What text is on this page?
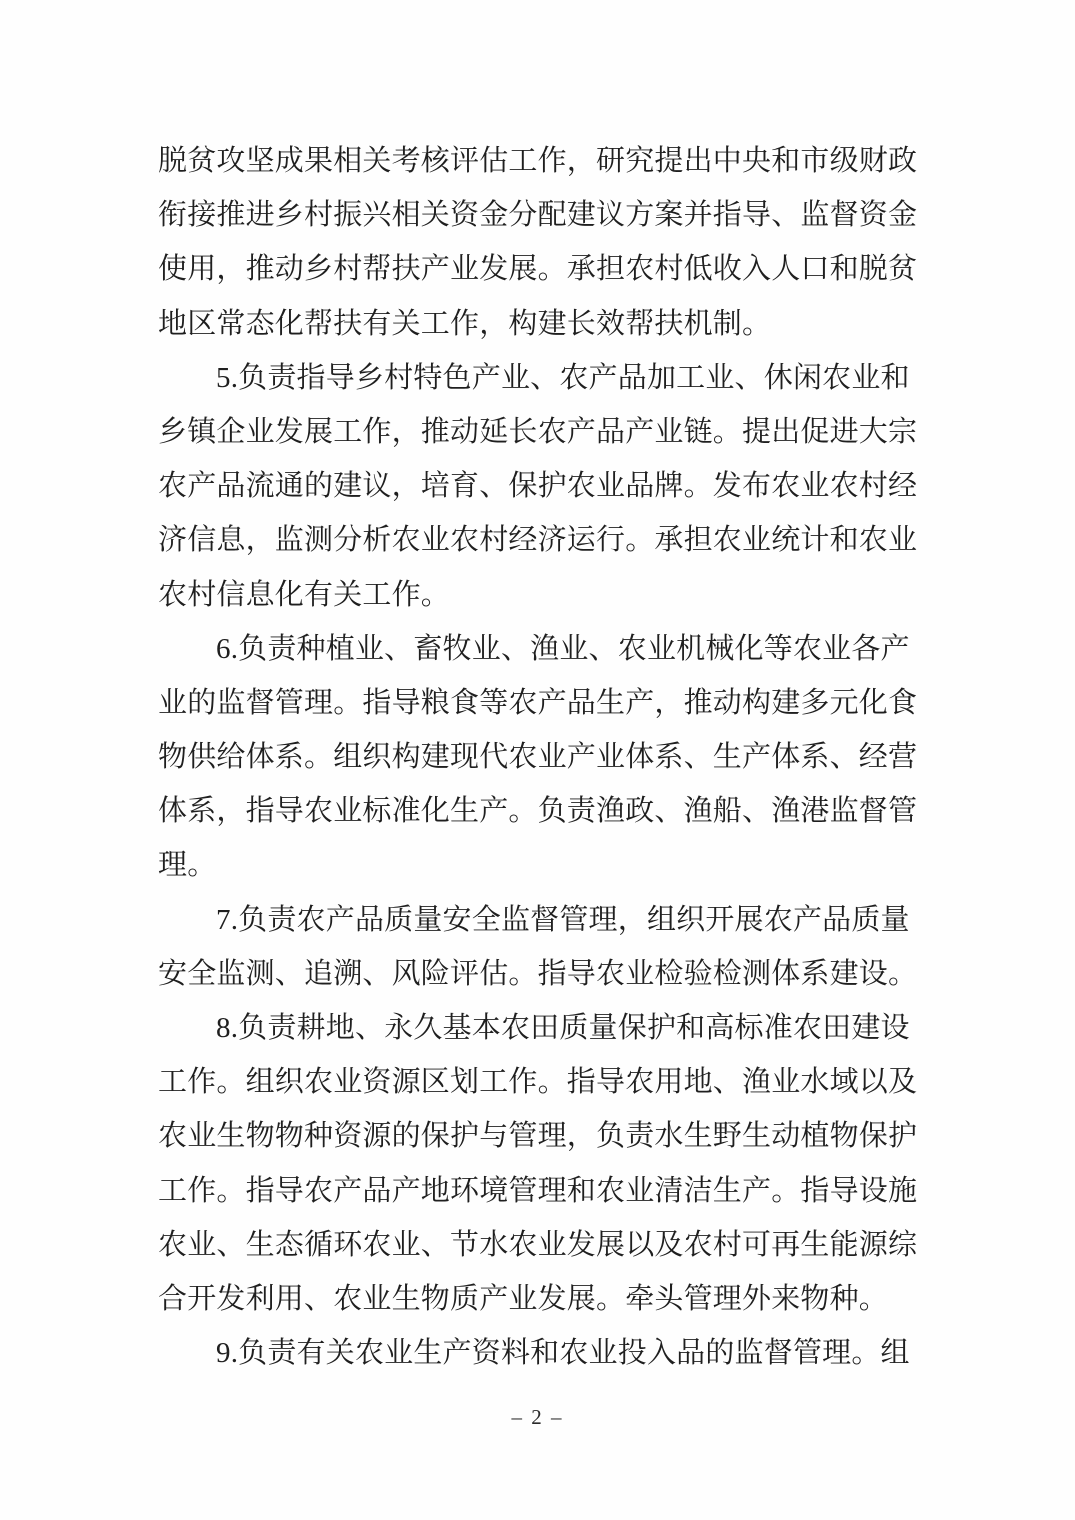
脱贫攻坚成果相关考核评估工作，研究提出中央和市级财政
衔接推进乡村振兴相关资金分配建议方案并指导、监督资金
使用，推动乡村帮扶产业发展。承担农村低收入人口和脱贫
地区常态化帮扶有关工作，构建长效帮扶机制。
5.负责指导乡村特色产业、农产品加工业、休闲农业和
乡镇企业发展工作，推动延长农产品产业链。提出促进大宗
农产品流通的建议，培育、保护农业品牌。发布农业农村经
济信息，监测分析农业农村经济运行。承担农业统计和农业
农村信息化有关工作。
6.负责种植业、畜牧业、渔业、农业机械化等农业各产
业的监督管理。指导粮食等农产品生产，推动构建多元化食
物供给体系。组织构建现代农业产业体系、生产体系、经营
体系，指导农业标准化生产。负责渔政、渔船、渔港监督管
理。
7.负责农产品质量安全监督管理，组织开展农产品质量
安全监测、追溯、风险评估。指导农业检验检测体系建设。
8.负责耕地、永久基本农田质量保护和高标准农田建设
工作。组织农业资源区划工作。指导农用地、渔业水域以及
农业生物物种资源的保护与管理，负责水生野生动植物保护
工作。指导农产品产地环境管理和农业清洁生产。指导设施
农业、生态循环农业、节水农业发展以及农村可再生能源综
合开发利用、农业生物质产业发展。牵头管理外来物种。
9.负责有关农业生产资料和农业投入品的监督管理。组
– 2 –
